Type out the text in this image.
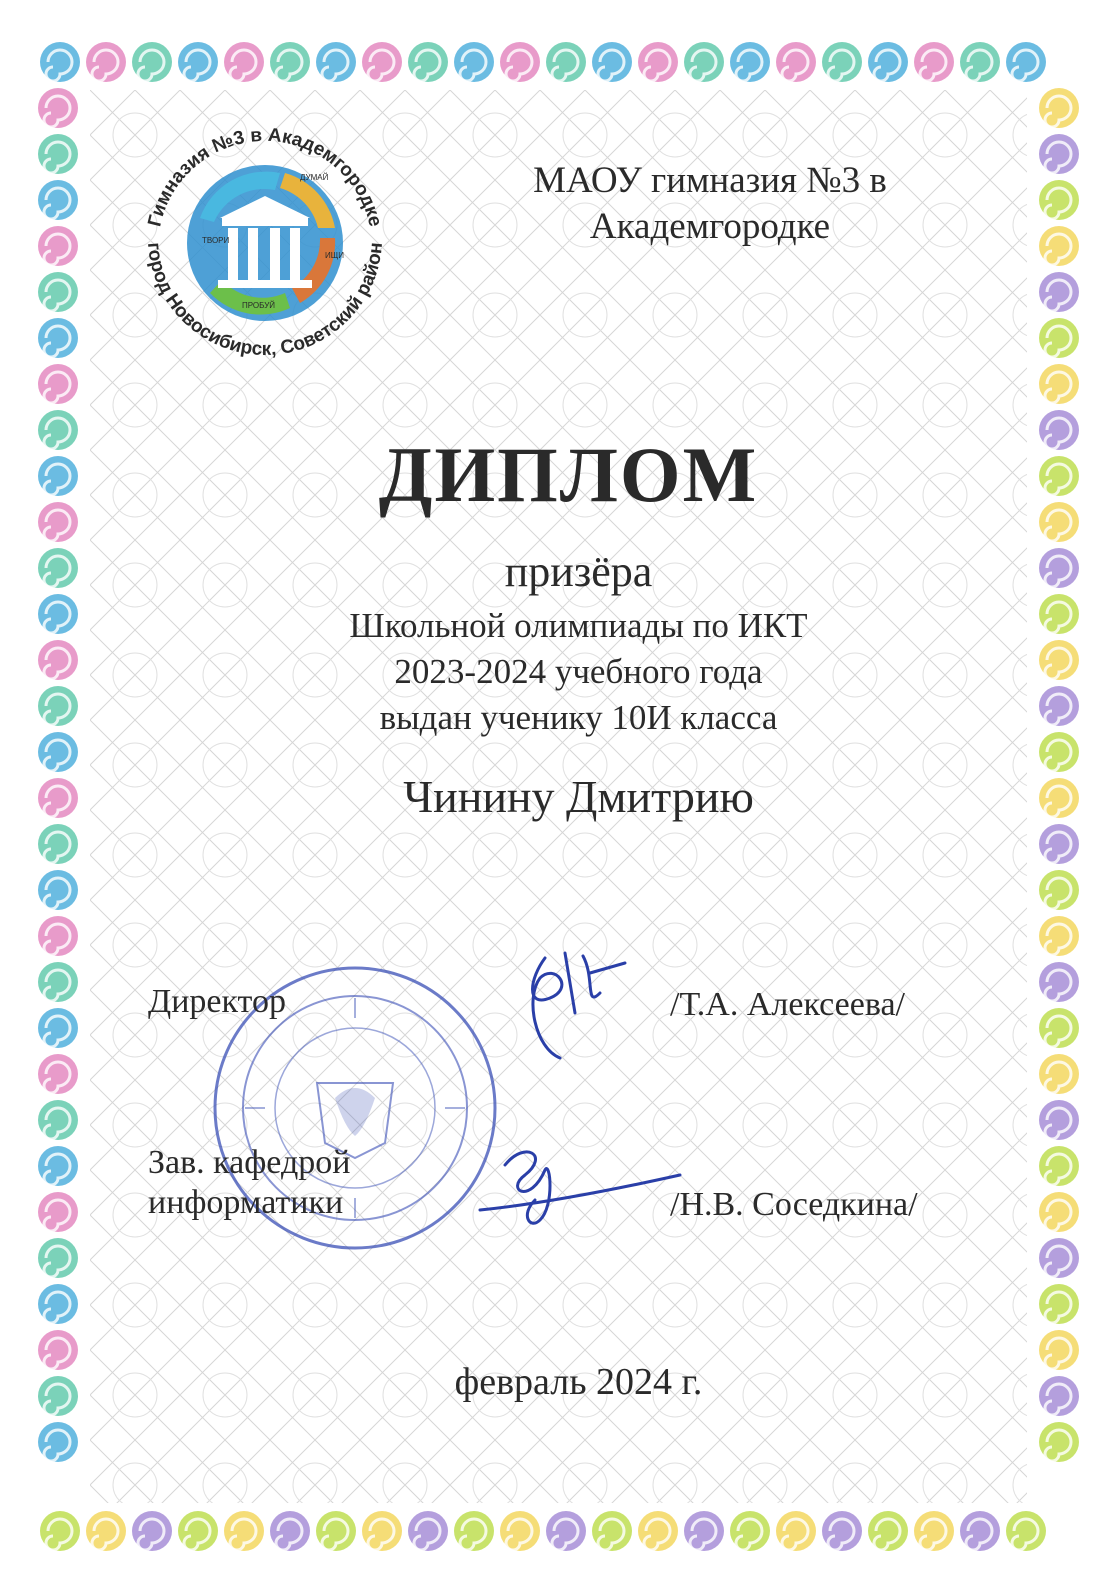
Гимназия №3 в Академгородке
город Новосибирск, Советский район
ДУМАЙ
ИЩИ
ПРОБУЙ
ТВОРИ
МАОУ гимназия №3 в
Академгородке
ДИПЛОМ
призёра
Школьной олимпиады по ИКТ
2023-2024 учебного года
выдан ученику 10И класса
Чинину Дмитрию
Директор	/Т.А. Алексеева/
Зав. кафедрой
информатики	/Н.В. Соседкина/
февраль 2024 г.
